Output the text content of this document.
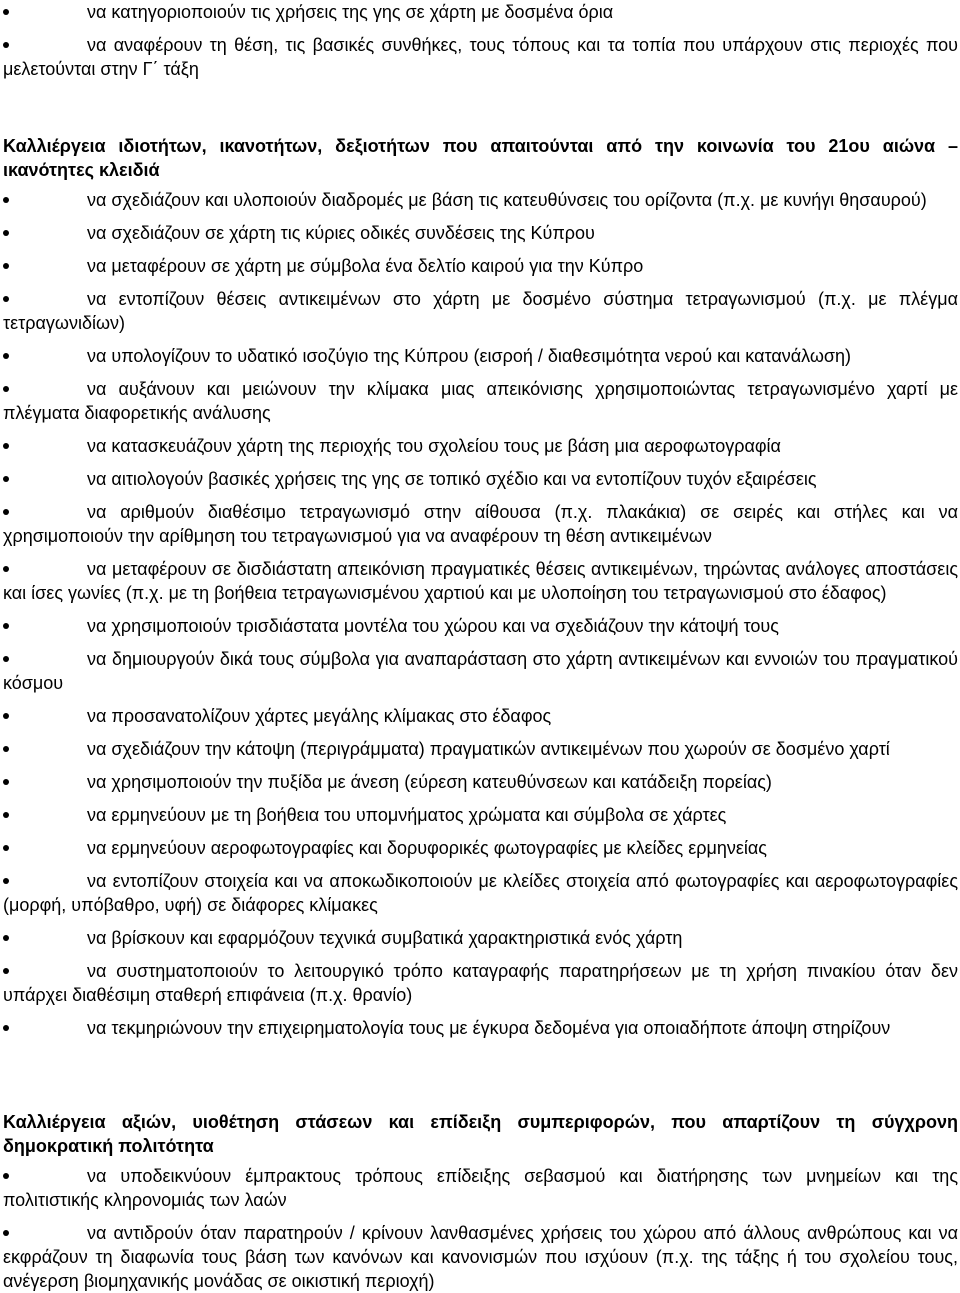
να κατηγοριοποιούν τις χρήσεις της γης σε χάρτη με δοσμένα όρια
να αναφέρουν τη θέση, τις βασικές συνθήκες, τους τόπους και τα τοπία που υπάρχουν στις περιοχές που μελετούνται στην Γ΄ τάξη
Καλλιέργεια ιδιοτήτων, ικανοτήτων, δεξιοτήτων που απαιτούνται από την κοινωνία του 21ου αιώνα – ικανότητες κλειδιά
να σχεδιάζουν και υλοποιούν διαδρομές με βάση τις κατευθύνσεις του ορίζοντα (π.χ. με κυνήγι θησαυρού)
να σχεδιάζουν σε χάρτη τις κύριες οδικές συνδέσεις της Κύπρου
να μεταφέρουν σε χάρτη με σύμβολα ένα δελτίο καιρού για την Κύπρο
να εντοπίζουν θέσεις αντικειμένων στο χάρτη με δοσμένο σύστημα τετραγωνισμού (π.χ. με πλέγμα τετραγωνιδίων)
να υπολογίζουν το υδατικό ισοζύγιο της Κύπρου (εισροή / διαθεσιμότητα νερού και κατανάλωση)
να αυξάνουν και μειώνουν την κλίμακα μιας απεικόνισης χρησιμοποιώντας τετραγωνισμένο χαρτί με πλέγματα διαφορετικής ανάλυσης
να κατασκευάζουν χάρτη της περιοχής του σχολείου τους με βάση μια αεροφωτογραφία
να αιτιολογούν βασικές χρήσεις της γης σε τοπικό σχέδιο και να εντοπίζουν τυχόν εξαιρέσεις
να αριθμούν διαθέσιμο τετραγωνισμό στην αίθουσα (π.χ. πλακάκια) σε σειρές και στήλες και να χρησιμοποιούν την αρίθμηση του τετραγωνισμού για να αναφέρουν τη θέση αντικειμένων
να μεταφέρουν σε δισδιάστατη απεικόνιση πραγματικές θέσεις αντικειμένων, τηρώντας ανάλογες αποστάσεις και ίσες γωνίες (π.χ. με τη βοήθεια τετραγωνισμένου χαρτιού και με υλοποίηση του τετραγωνισμού στο έδαφος)
να χρησιμοποιούν τρισδιάστατα μοντέλα του χώρου και να σχεδιάζουν την κάτοψή τους
να δημιουργούν δικά τους σύμβολα για αναπαράσταση στο χάρτη αντικειμένων και εννοιών του πραγματικού κόσμου
να προσανατολίζουν χάρτες μεγάλης κλίμακας στο έδαφος
να σχεδιάζουν την κάτοψη (περιγράμματα) πραγματικών αντικειμένων που χωρούν σε δοσμένο χαρτί
να χρησιμοποιούν την πυξίδα με άνεση (εύρεση κατευθύνσεων και κατάδειξη πορείας)
να ερμηνεύουν με τη βοήθεια του υπομνήματος χρώματα και σύμβολα σε χάρτες
να ερμηνεύουν αεροφωτογραφίες και δορυφορικές φωτογραφίες με κλείδες ερμηνείας
να εντοπίζουν στοιχεία και να αποκωδικοποιούν με κλείδες στοιχεία από φωτογραφίες και αεροφωτογραφίες (μορφή, υπόβαθρο, υφή) σε διάφορες κλίμακες
να βρίσκουν και εφαρμόζουν τεχνικά συμβατικά χαρακτηριστικά ενός χάρτη
να συστηματοποιούν το λειτουργικό τρόπο καταγραφής παρατηρήσεων με τη χρήση πινακίου όταν δεν υπάρχει διαθέσιμη σταθερή επιφάνεια (π.χ. θρανίο)
να τεκμηριώνουν την επιχειρηματολογία τους με έγκυρα δεδομένα για οποιαδήποτε άποψη στηρίζουν
Καλλιέργεια αξιών, υιοθέτηση στάσεων και επίδειξη συμπεριφορών, που απαρτίζουν τη σύγχρονη δημοκρατική πολιτότητα
να υποδεικνύουν έμπρακτους τρόπους επίδειξης σεβασμού και διατήρησης των μνημείων και της πολιτιστικής κληρονομιάς των λαών
να αντιδρούν όταν παρατηρούν / κρίνουν λανθασμένες χρήσεις του χώρου από άλλους ανθρώπους και να εκφράζουν τη διαφωνία τους βάση των κανόνων και κανονισμών που ισχύουν (π.χ. της τάξης ή του σχολείου τους, ανέγερση βιομηχανικής μονάδας σε οικιστική περιοχή)
